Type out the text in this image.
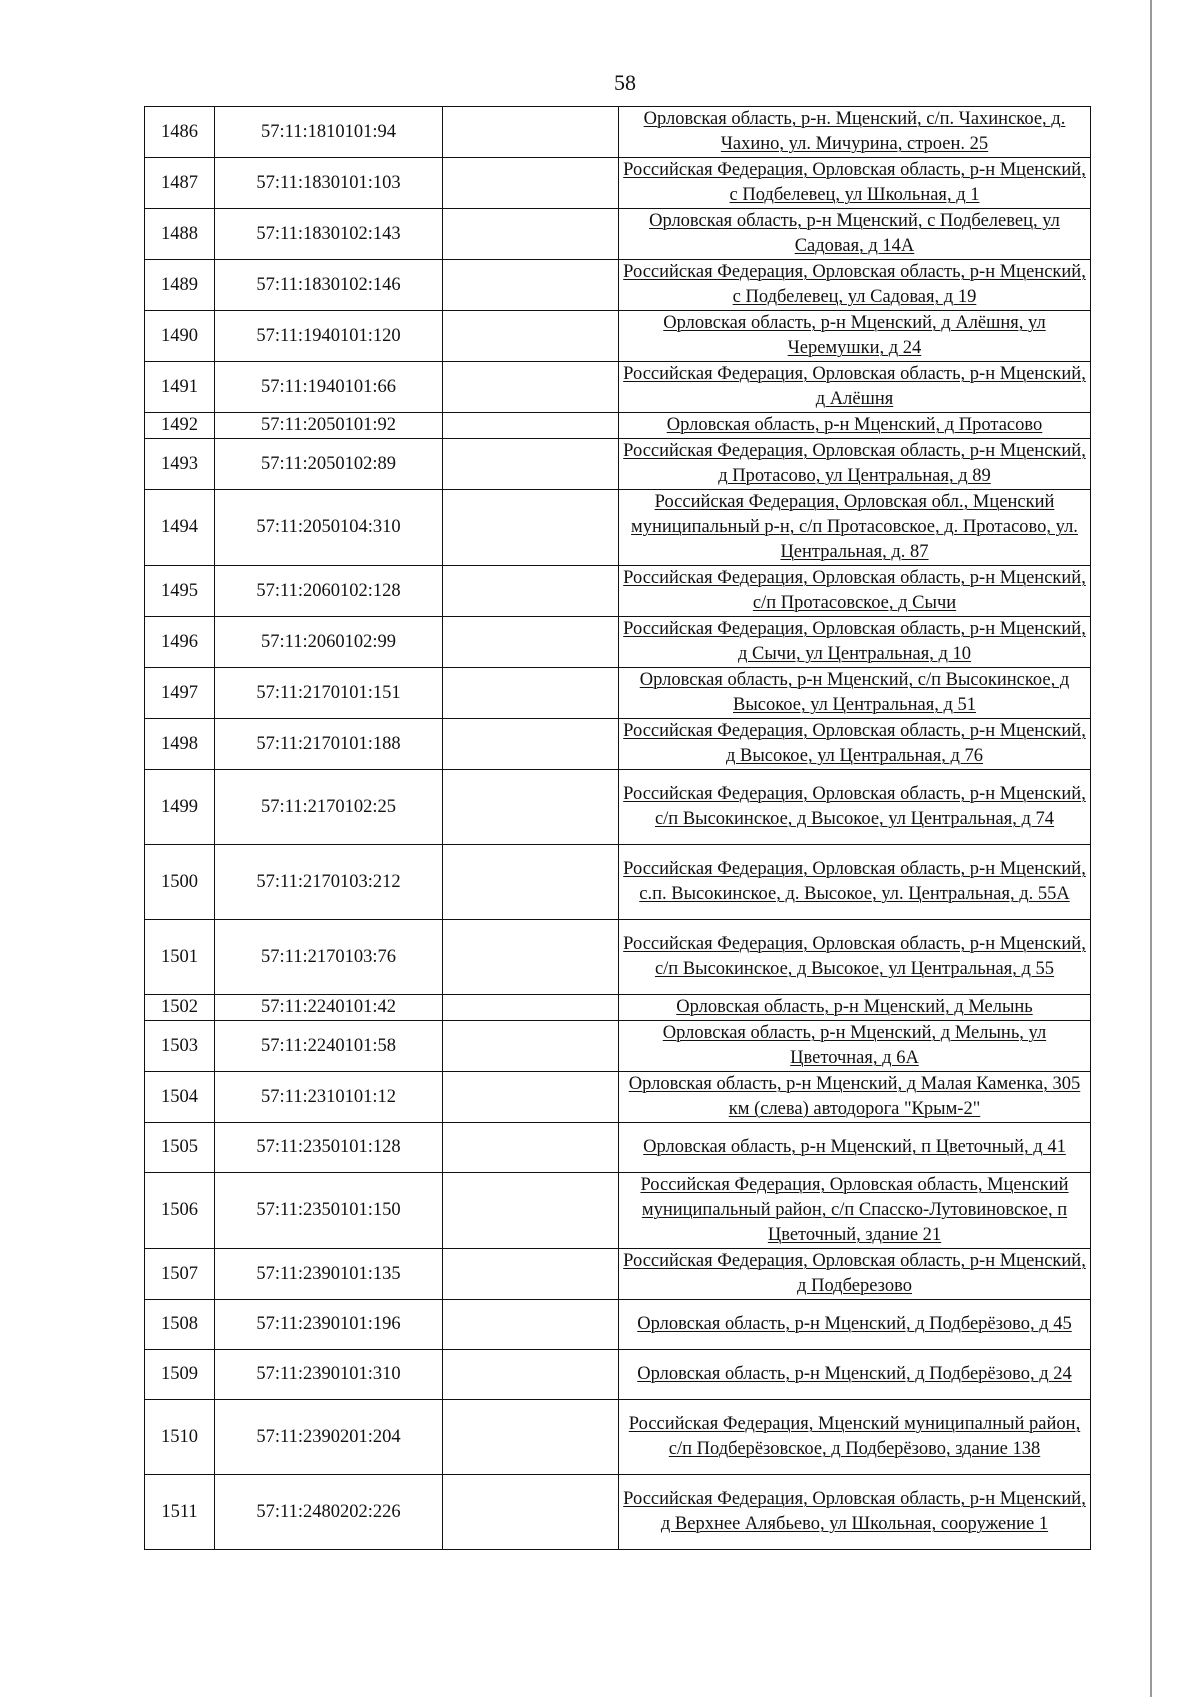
58
1486	57:11:1810101:94		Орловская область, р-н. Мценский, с/п. Чахинское, д. Чахино, ул. Мичурина, строен. 25
1487	57:11:1830101:103		Российская Федерация, Орловская область, р-н Мценский, с Подбелевец, ул Школьная, д 1
1488	57:11:1830102:143		Орловская область, р-н Мценский, с Подбелевец, ул Садовая, д 14А
1489	57:11:1830102:146		Российская Федерация, Орловская область, р-н Мценский, с Подбелевец, ул Садовая, д 19
1490	57:11:1940101:120		Орловская область, р-н Мценский, д Алёшня, ул Черемушки, д 24
1491	57:11:1940101:66		Российская Федерация, Орловская область, р-н Мценский, д Алёшня
1492	57:11:2050101:92		Орловская область, р-н Мценский, д Протасово
1493	57:11:2050102:89		Российская Федерация, Орловская область, р-н Мценский, д Протасово, ул Центральная, д 89
1494	57:11:2050104:310		Российская Федерация, Орловская обл., Мценский муниципальный р-н, с/п Протасовское, д. Протасово, ул. Центральная, д. 87
1495	57:11:2060102:128		Российская Федерация, Орловская область, р-н Мценский, с/п Протасовское, д Сычи
1496	57:11:2060102:99		Российская Федерация, Орловская область, р-н Мценский, д Сычи, ул Центральная, д 10
1497	57:11:2170101:151		Орловская область, р-н Мценский, с/п Высокинское, д Высокое, ул Центральная, д 51
1498	57:11:2170101:188		Российская Федерация, Орловская область, р-н Мценский, д Высокое, ул Центральная, д 76
1499	57:11:2170102:25		Российская Федерация, Орловская область, р-н Мценский, с/п Высокинское, д Высокое, ул Центральная, д 74
1500	57:11:2170103:212		Российская Федерация, Орловская область, р-н Мценский, с.п. Высокинское, д. Высокое, ул. Центральная, д. 55А
1501	57:11:2170103:76		Российская Федерация, Орловская область, р-н Мценский, с/п Высокинское, д Высокое, ул Центральная, д 55
1502	57:11:2240101:42		Орловская область, р-н Мценский, д Мелынь
1503	57:11:2240101:58		Орловская область, р-н Мценский, д Мелынь, ул Цветочная, д 6А
1504	57:11:2310101:12		Орловская область, р-н Мценский, д Малая Каменка, 305 км (слева) автодорога "Крым-2"
1505	57:11:2350101:128		Орловская область, р-н Мценский, п Цветочный, д 41
1506	57:11:2350101:150		Российская Федерация, Орловская область, Мценский муниципальный район, с/п Спасско-Лутовиновское, п Цветочный, здание 21
1507	57:11:2390101:135		Российская Федерация, Орловская область, р-н Мценский, д Подберезово
1508	57:11:2390101:196		Орловская область, р-н Мценский, д Подберёзово, д 45
1509	57:11:2390101:310		Орловская область, р-н Мценский, д Подберёзово, д 24
1510	57:11:2390201:204		Российская Федерация, Мценский муниципалный район, с/п Подберёзовское, д Подберёзово, здание 138
1511	57:11:2480202:226		Российская Федерация, Орловская область, р-н Мценский, д Верхнее Алябьево, ул Школьная, сооружение 1
